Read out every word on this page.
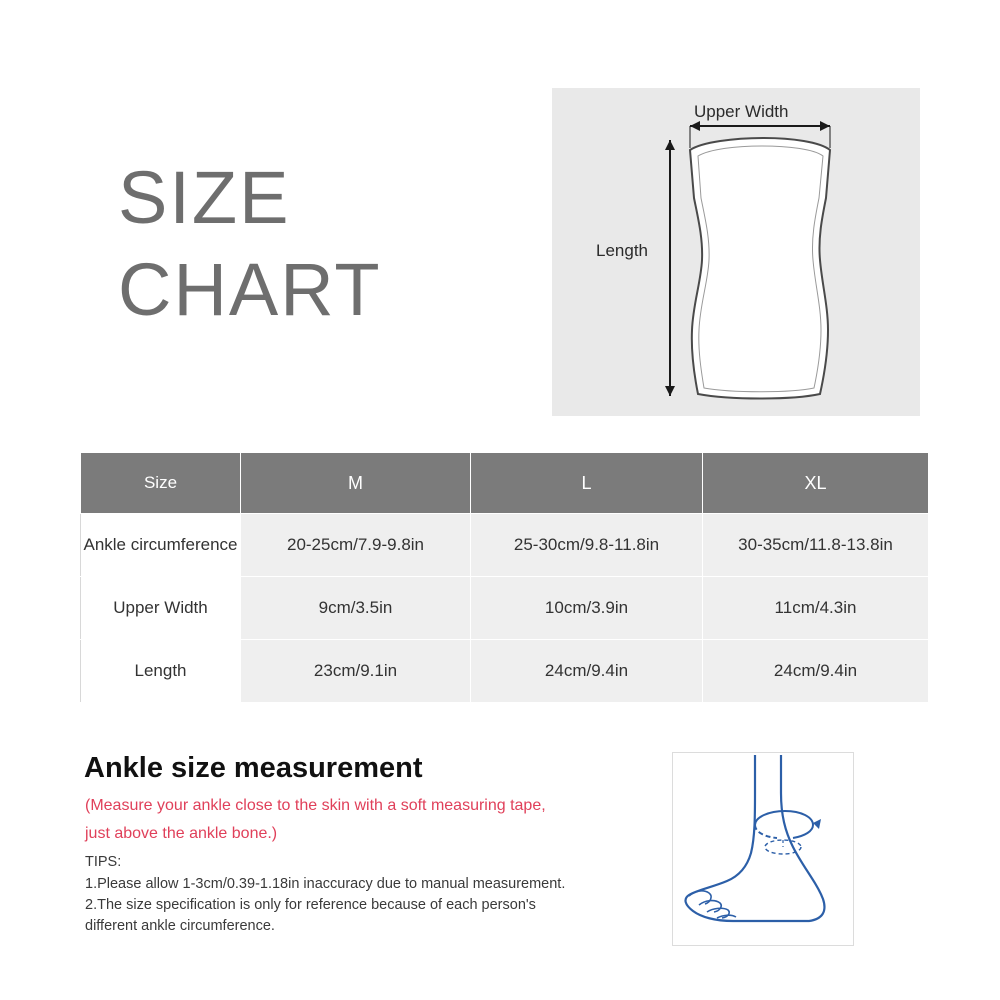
SIZE
CHART
Upper Width
Length
Size	M	L	XL
Ankle circumference	20-25cm/7.9-9.8in	25-30cm/9.8-11.8in	30-35cm/11.8-13.8in
Upper Width	9cm/3.5in	10cm/3.9in	11cm/4.3in
Length	23cm/9.1in	24cm/9.4in	24cm/9.4in
Ankle size measurement
(Measure your ankle close to the skin with a soft measuring tape,
just above the ankle bone.)
TIPS:
1.Please allow 1-3cm/0.39-1.18in inaccuracy due to manual measurement.
2.The size specification is only for reference because of each person's
different ankle circumference.
